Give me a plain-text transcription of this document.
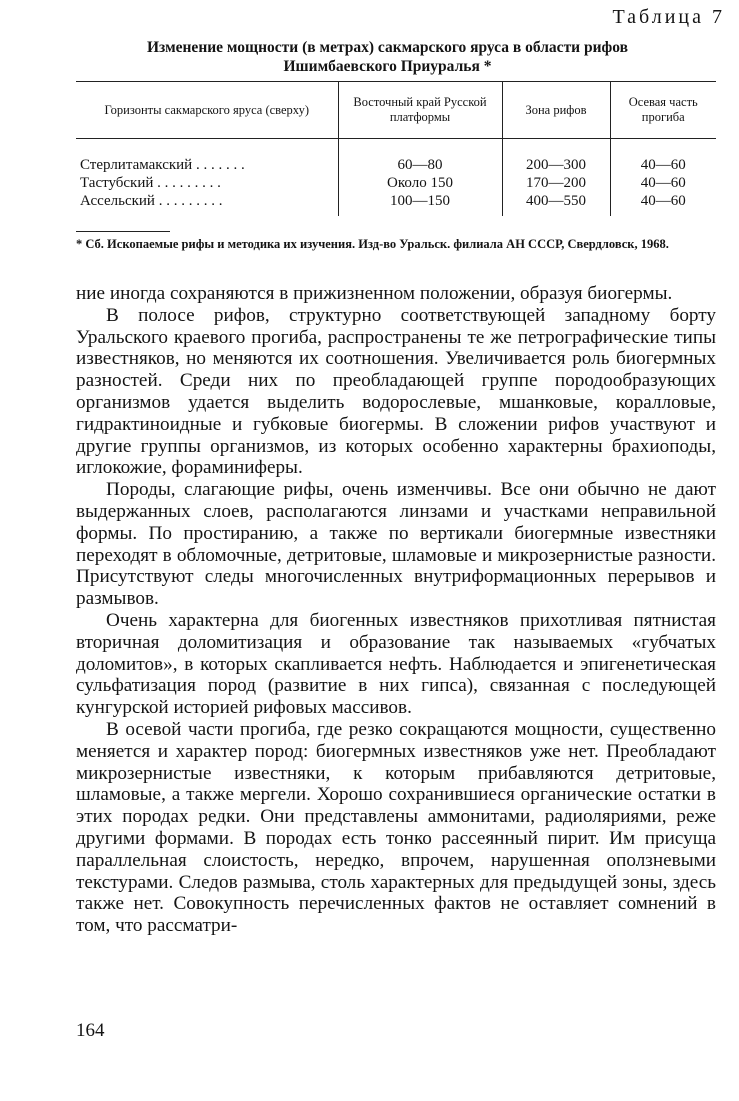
Таблица 7
Изменение мощности (в метрах) сакмарского яруса в области рифов
Ишимбаевского Приуралья *
Горизонты сакмарского яруса (сверху)	Восточный край Русской платформы	Зона рифов	Осевая часть прогиба
Стерлитамакский . . . . . . .	60—80	200—300	40—60
Тастубский . . . . . . . . .	Около 150	170—200	40—60
Ассельский . . . . . . . . .	100—150	400—550	40—60
* Сб. Ископаемые рифы и методика их изучения. Изд-во Уральск. филиала АН СССР, Свердловск, 1968.

ние иногда сохраняются в прижизненном положении, образуя биогермы.

В полосе рифов, структурно соответствующей западному борту Уральского краевого прогиба, распространены те же петрографические типы известняков, но меняются их соотношения. Увеличивается роль биогермных разностей. Среди них по преобладающей группе породообразующих организмов удается выделить водорослевые, мшанковые, коралловые, гидрактиноидные и губковые биогермы. В сложении рифов участвуют и другие группы организмов, из которых особенно характерны брахиоподы, иглокожие, фораминиферы.

Породы, слагающие рифы, очень изменчивы. Все они обычно не дают выдержанных слоев, располагаются линзами и участками неправильной формы. По простиранию, а также по вертикали биогермные известняки переходят в обломочные, детритовые, шламовые и микрозернистые разности. Присутствуют следы многочисленных внутриформационных перерывов и размывов.

Очень характерна для биогенных известняков прихотливая пятнистая вторичная доломитизация и образование так называемых «губчатых доломитов», в которых скапливается нефть. Наблюдается и эпигенетическая сульфатизация пород (развитие в них гипса), связанная с последующей кунгурской историей рифовых массивов.

В осевой части прогиба, где резко сокращаются мощности, существенно меняется и характер пород: биогермных известняков уже нет. Преобладают микрозернистые известняки, к которым прибавляются детритовые, шламовые, а также мергели. Хорошо сохранившиеся органические остатки в этих породах редки. Они представлены аммонитами, радиоляриями, реже другими формами. В породах есть тонко рассеянный пирит. Им присуща параллельная слоистость, нередко, впрочем, нарушенная оползневыми текстурами. Следов размыва, столь характерных для предыдущей зоны, здесь также нет. Совокупность перечисленных фактов не оставляет сомнений в том, что рассматри-

164
